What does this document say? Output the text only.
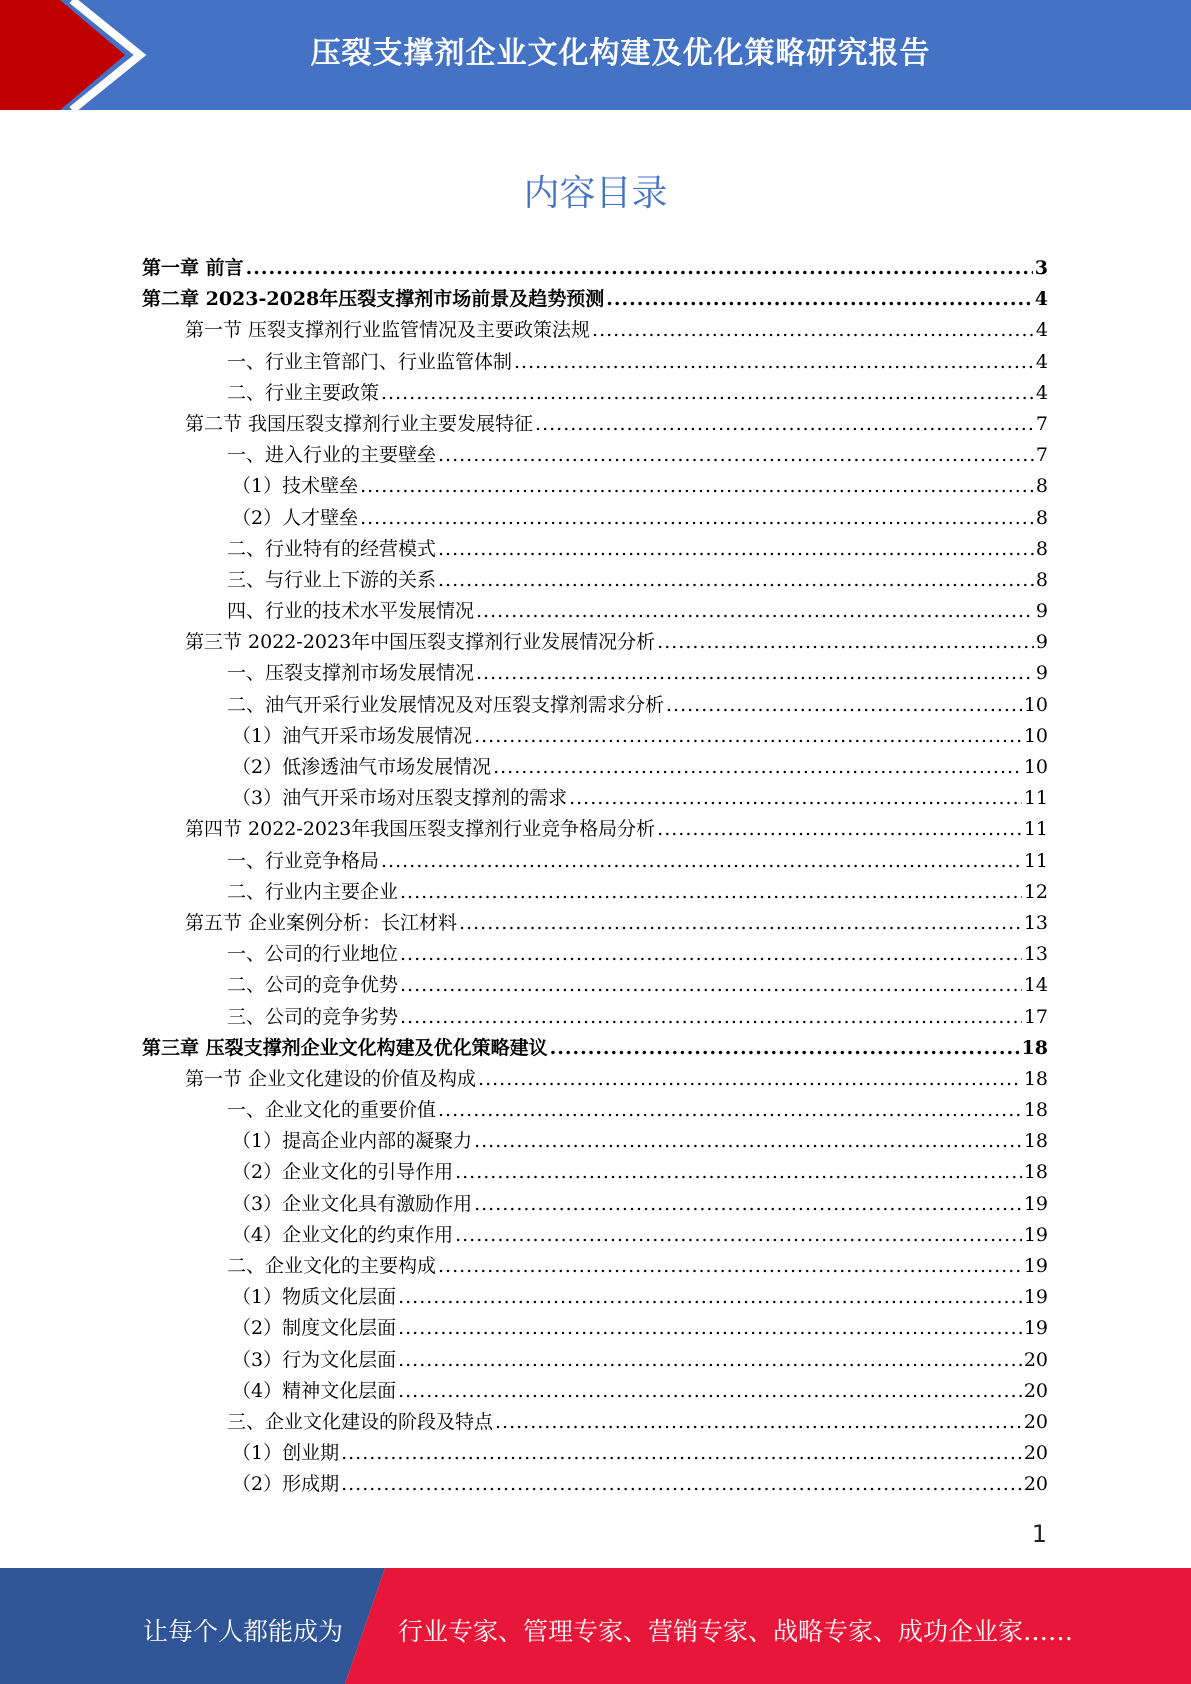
压裂支撑剂企业文化构建及优化策略研究报告
内容目录
第一章 前言 .....	3
第二章 2023-2028年压裂支撑剂市场前景及趋势预测 .....	4
第一节 压裂支撑剂行业监管情况及主要政策法规 .....	4
一、行业主管部门、行业监管体制 .....	4
二、行业主要政策 .....	4
第二节 我国压裂支撑剂行业主要发展特征 .....	7
一、进入行业的主要壁垒 .....	7
（1）技术壁垒 .....	8
（2）人才壁垒 .....	8
二、行业特有的经营模式 .....	8
三、与行业上下游的关系 .....	8
四、行业的技术水平发展情况 .....	9
第三节 2022-2023年中国压裂支撑剂行业发展情况分析 .....	9
一、压裂支撑剂市场发展情况 .....	9
二、油气开采行业发展情况及对压裂支撑剂需求分析 .....	10
（1）油气开采市场发展情况 .....	10
（2）低渗透油气市场发展情况 .....	10
（3）油气开采市场对压裂支撑剂的需求 .....	11
第四节 2022-2023年我国压裂支撑剂行业竞争格局分析 .....	11
一、行业竞争格局 .....	11
二、行业内主要企业 .....	12
第五节 企业案例分析：长江材料 .....	13
一、公司的行业地位 .....	13
二、公司的竞争优势 .....	14
三、公司的竞争劣势 .....	17
第三章 压裂支撑剂企业文化构建及优化策略建议 .....	18
第一节 企业文化建设的价值及构成 .....	18
一、企业文化的重要价值 .....	18
（1）提高企业内部的凝聚力 .....	18
（2）企业文化的引导作用 .....	18
（3）企业文化具有激励作用 .....	19
（4）企业文化的约束作用 .....	19
二、企业文化的主要构成 .....	19
（1）物质文化层面 .....	19
（2）制度文化层面 .....	19
（3）行为文化层面 .....	20
（4）精神文化层面 .....	20
三、企业文化建设的阶段及特点 .....	20
（1）创业期 .....	20
（2）形成期 .....	20
1
让每个人都能成为 行业专家、管理专家、营销专家、战略专家、成功企业家……
